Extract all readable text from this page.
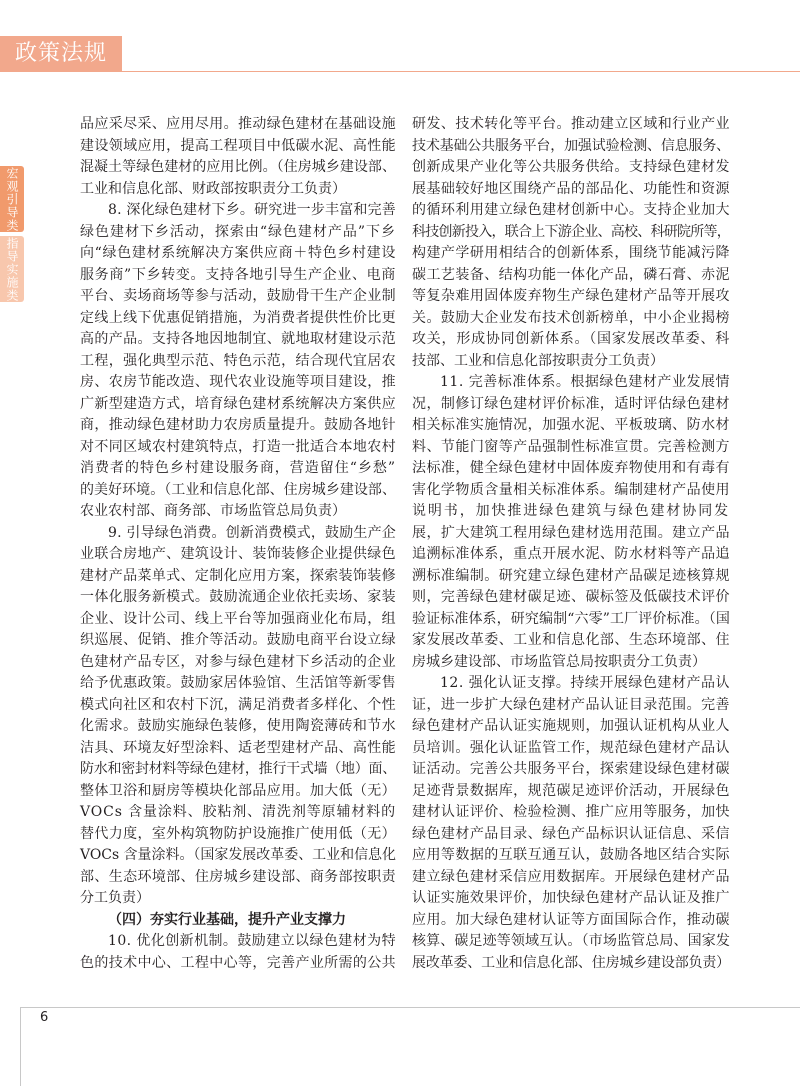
政策法规
宏观引导类
指导实施类
品应采尽采、应用尽用。推动绿色建材在基础设施
建设领域应用，提高工程项目中低碳水泥、高性能
混凝土等绿色建材的应用比例。（住房城乡建设部、
工业和信息化部、财政部按职责分工负责）
8. 深化绿色建材下乡。研究进一步丰富和完善
绿色建材下乡活动，探索由“绿色建材产品”下乡
向“绿色建材系统解决方案供应商＋特色乡村建设
服务商”下乡转变。支持各地引导生产企业、电商
平台、卖场商场等参与活动，鼓励骨干生产企业制
定线上线下优惠促销措施，为消费者提供性价比更
高的产品。支持各地因地制宜、就地取材建设示范
工程，强化典型示范、特色示范，结合现代宜居农
房、农房节能改造、现代农业设施等项目建设，推
广新型建造方式，培育绿色建材系统解决方案供应
商，推动绿色建材助力农房质量提升。鼓励各地针
对不同区域农村建筑特点，打造一批适合本地农村
消费者的特色乡村建设服务商，营造留住“乡愁”
的美好环境。（工业和信息化部、住房城乡建设部、
农业农村部、商务部、市场监管总局负责）
9. 引导绿色消费。创新消费模式，鼓励生产企
业联合房地产、建筑设计、装饰装修企业提供绿色
建材产品菜单式、定制化应用方案，探索装饰装修
一体化服务新模式。鼓励流通企业依托卖场、家装
企业、设计公司、线上平台等加强商业化布局，组
织巡展、促销、推介等活动。鼓励电商平台设立绿
色建材产品专区，对参与绿色建材下乡活动的企业
给予优惠政策。鼓励家居体验馆、生活馆等新零售
模式向社区和农村下沉，满足消费者多样化、个性
化需求。鼓励实施绿色装修，使用陶瓷薄砖和节水
洁具、环境友好型涂料、适老型建材产品、高性能
防水和密封材料等绿色建材，推行干式墙（地）面、
整体卫浴和厨房等模块化部品应用。加大低（无）
VOCs 含量涂料、胶粘剂、清洗剂等原辅材料的
替代力度，室外构筑物防护设施推广使用低（无）
VOCs 含量涂料。（国家发展改革委、工业和信息化
部、生态环境部、住房城乡建设部、商务部按职责
分工负责）
（四）夯实行业基础，提升产业支撑力
10. 优化创新机制。鼓励建立以绿色建材为特
色的技术中心、工程中心等，完善产业所需的公共
研发、技术转化等平台。推动建立区域和行业产业
技术基础公共服务平台，加强试验检测、信息服务、
创新成果产业化等公共服务供给。支持绿色建材发
展基础较好地区围绕产品的部品化、功能性和资源
的循环利用建立绿色建材创新中心。支持企业加大
科技创新投入，联合上下游企业、高校、科研院所等，
构建产学研用相结合的创新体系，围绕节能减污降
碳工艺装备、结构功能一体化产品，磷石膏、赤泥
等复杂难用固体废弃物生产绿色建材产品等开展攻
关。鼓励大企业发布技术创新榜单，中小企业揭榜
攻关，形成协同创新体系。（国家发展改革委、科
技部、工业和信息化部按职责分工负责）
11. 完善标准体系。根据绿色建材产业发展情
况，制修订绿色建材评价标准，适时评估绿色建材
相关标准实施情况，加强水泥、平板玻璃、防水材
料、节能门窗等产品强制性标准宣贯。完善检测方
法标准，健全绿色建材中固体废弃物使用和有毒有
害化学物质含量相关标准体系。编制建材产品使用
说明书，加快推进绿色建筑与绿色建材协同发
展，扩大建筑工程用绿色建材选用范围。建立产品
追溯标准体系，重点开展水泥、防水材料等产品追
溯标准编制。研究建立绿色建材产品碳足迹核算规
则，完善绿色建材碳足迹、碳标签及低碳技术评价
验证标准体系，研究编制“六零”工厂评价标准。（国
家发展改革委、工业和信息化部、生态环境部、住
房城乡建设部、市场监管总局按职责分工负责）
12. 强化认证支撑。持续开展绿色建材产品认
证，进一步扩大绿色建材产品认证目录范围。完善
绿色建材产品认证实施规则，加强认证机构从业人
员培训。强化认证监管工作，规范绿色建材产品认
证活动。完善公共服务平台，探索建设绿色建材碳
足迹背景数据库，规范碳足迹评价活动，开展绿色
建材认证评价、检验检测、推广应用等服务，加快
绿色建材产品目录、绿色产品标识认证信息、采信
应用等数据的互联互通互认，鼓励各地区结合实际
建立绿色建材采信应用数据库。开展绿色建材产品
认证实施效果评价，加快绿色建材产品认证及推广
应用。加大绿色建材认证等方面国际合作，推动碳
核算、碳足迹等领域互认。（市场监管总局、国家发
展改革委、工业和信息化部、住房城乡建设部负责）
6
